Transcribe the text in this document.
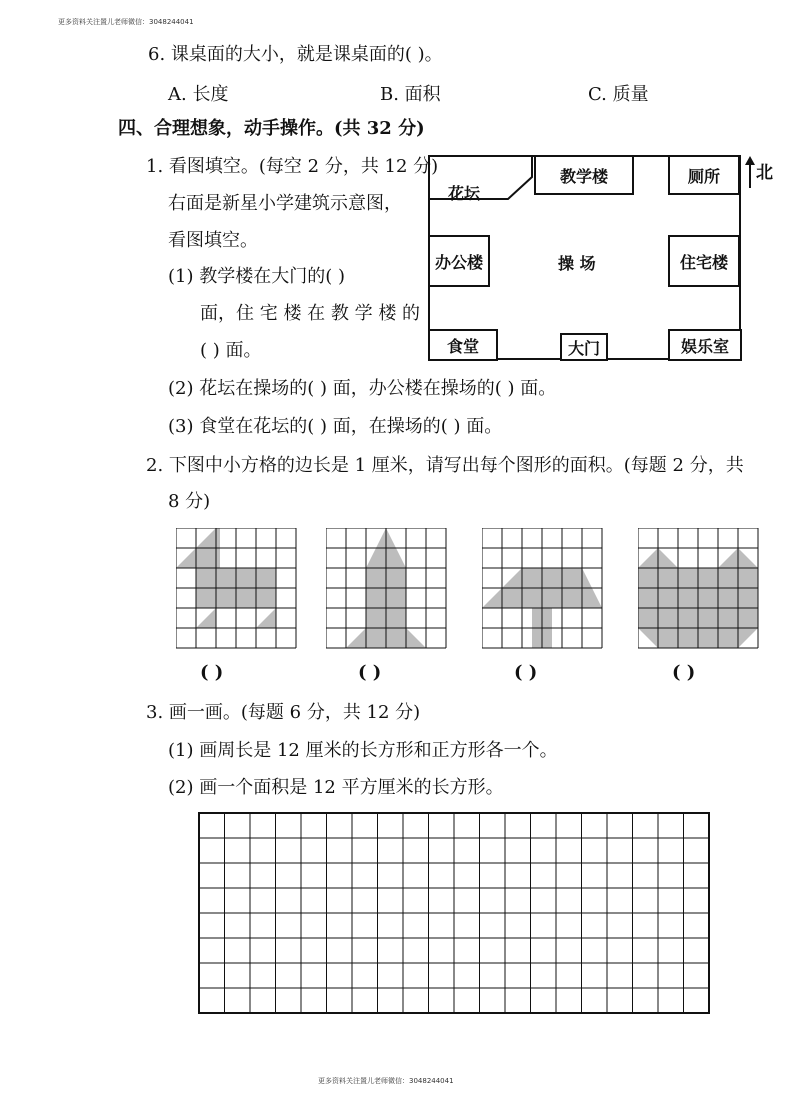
更多资料关注置儿老师微信：3048244041
6. 课桌面的大小，就是课桌面的( )。
A. 长度	B. 面积	C. 质量
四、合理想象，动手操作。(共 32 分)
1. 看图填空。(每空 2 分，共 12 分)
右面是新星小学建筑示意图，
看图填空。
(1) 教学楼在大门的( )
面，住 宅 楼 在 教 学 楼 的
( ) 面。
(2) 花坛在操场的( ) 面，办公楼在操场的( ) 面。
(3) 食堂在花坛的( ) 面，在操场的( ) 面。
花坛
教学楼	厕所
办公楼	操 场	住宅楼
食堂	大门	娱乐室
北
2. 下图中小方格的边长是 1 厘米，请写出每个图形的面积。(每题 2 分，共
8 分)
( )	( )	( )	( )
3. 画一画。(每题 6 分，共 12 分)
(1) 画周长是 12 厘米的长方形和正方形各一个。
(2) 画一个面积是 12 平方厘米的长方形。
更多资料关注置儿老师微信：3048244041
